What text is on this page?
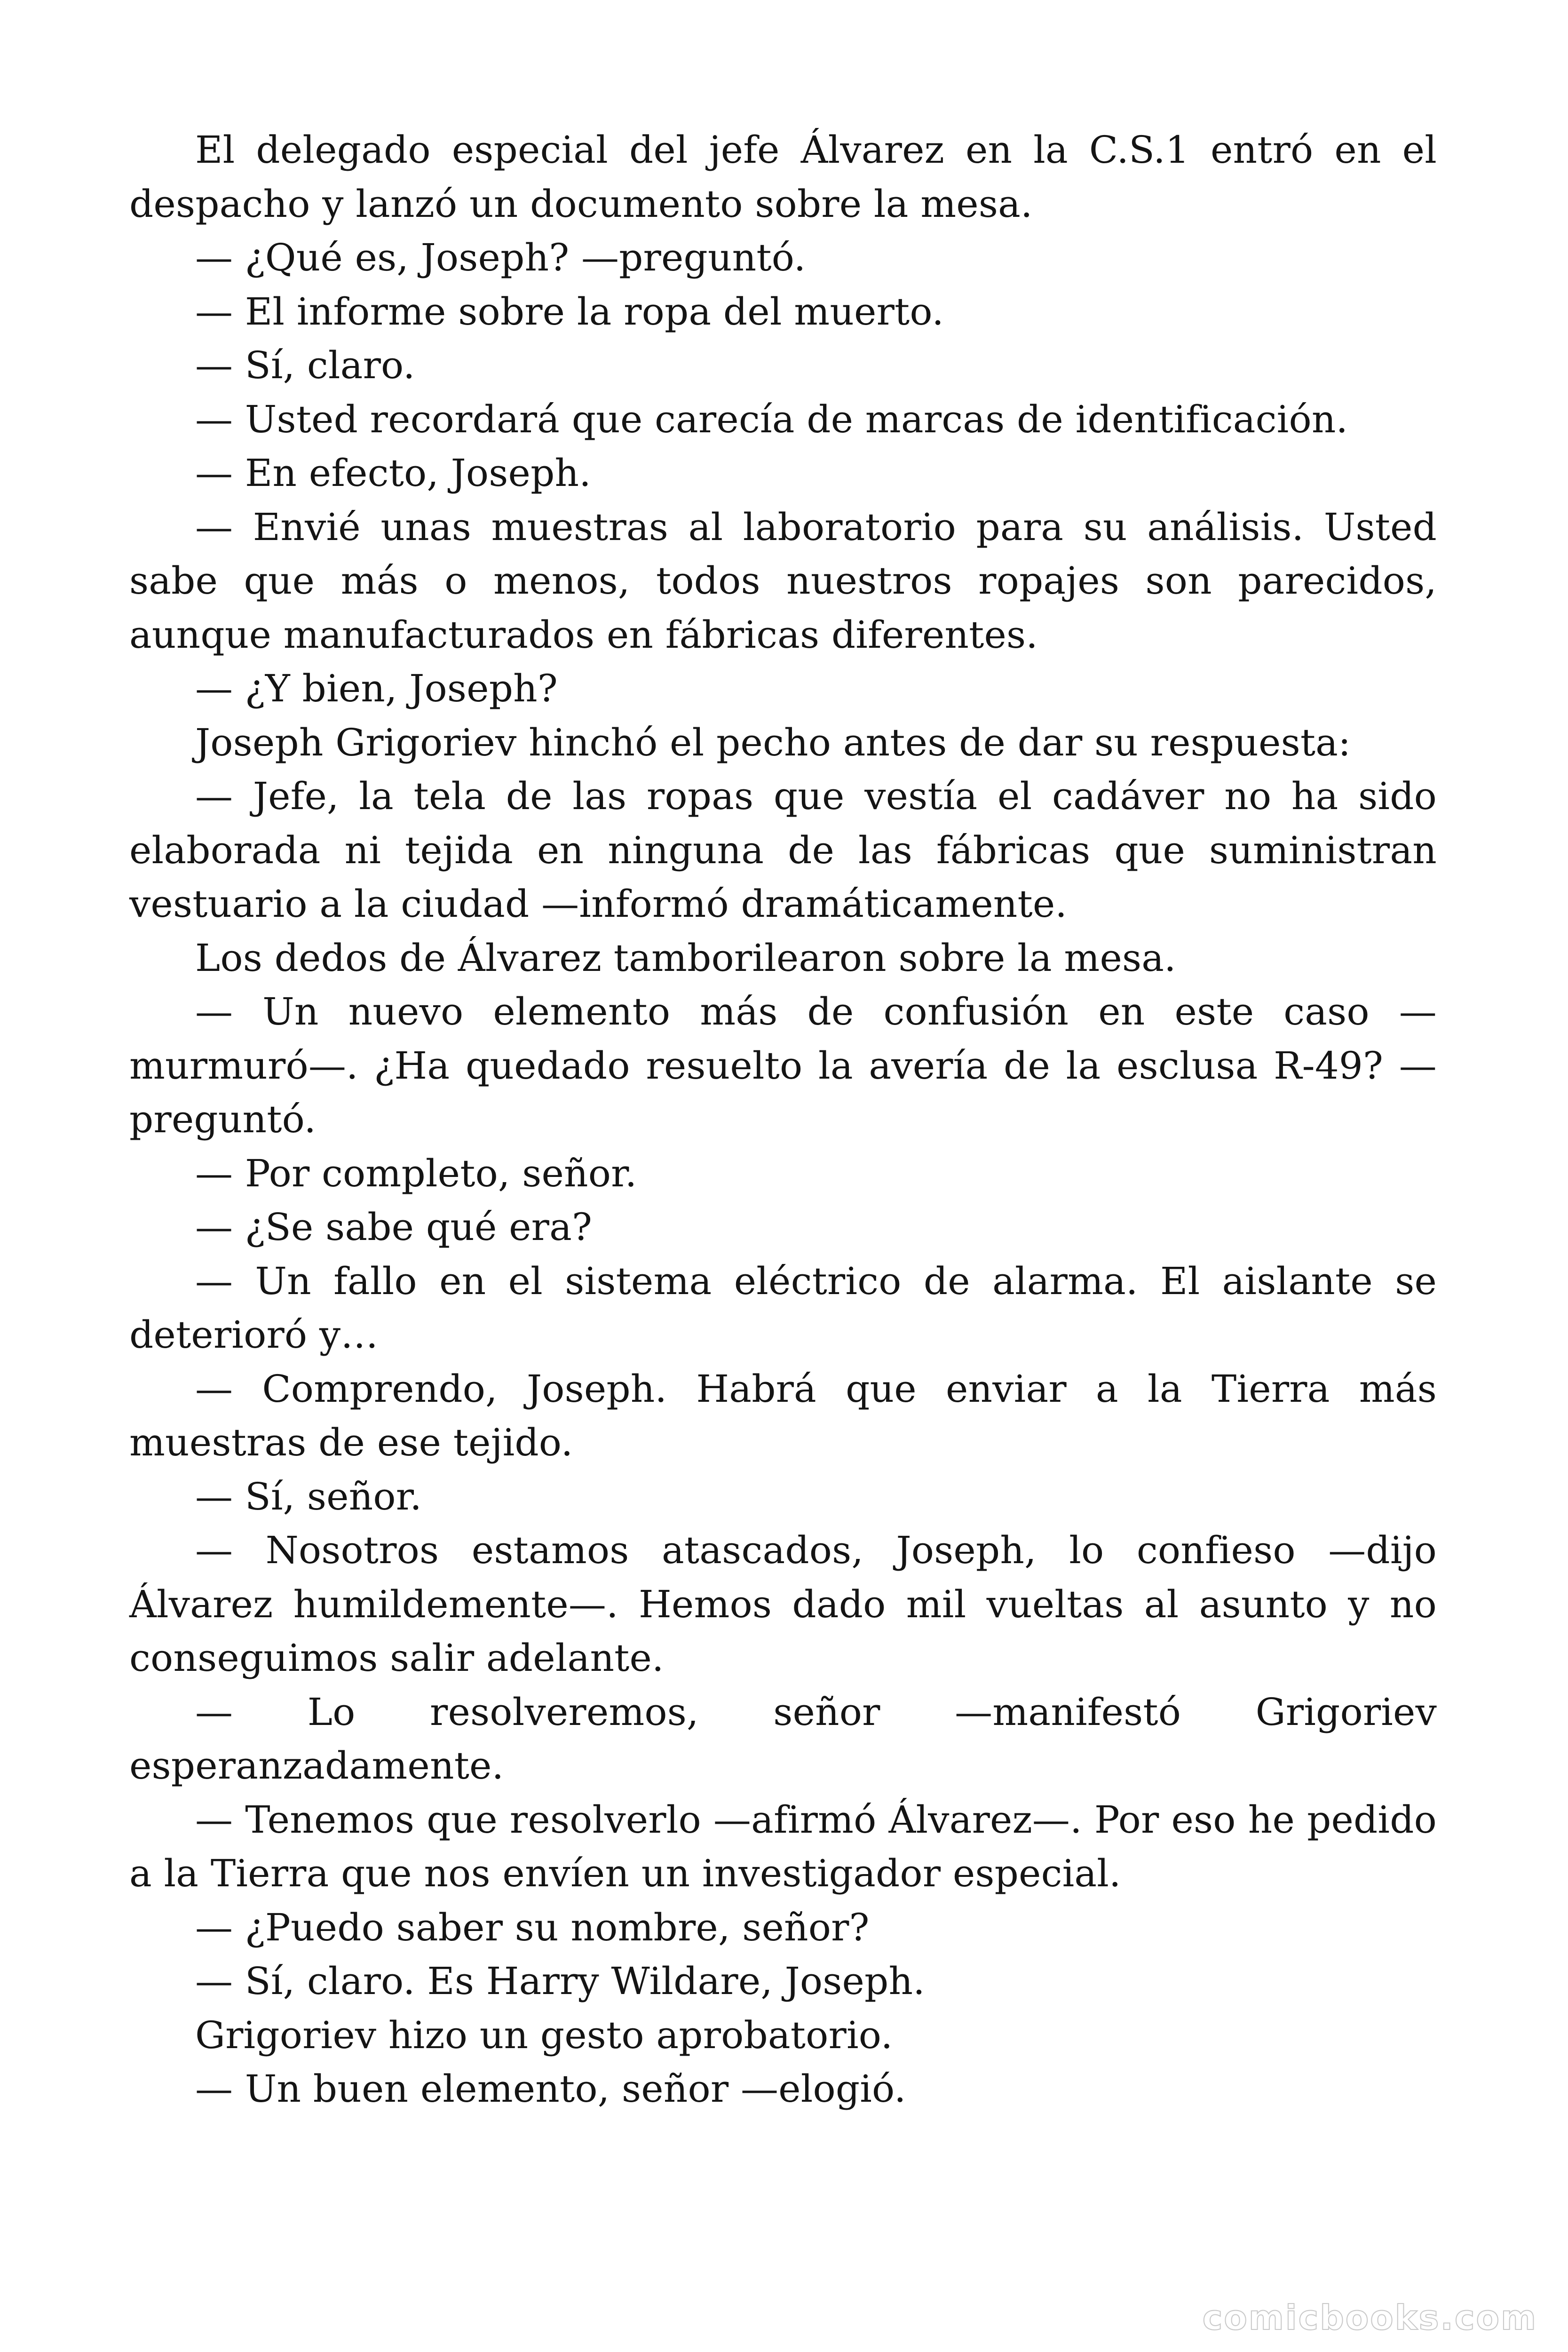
El delegado especial del jefe Álvarez en la C.S.1 entró en el despacho y lanzó un documento sobre la mesa.

— ¿Qué es, Joseph? —preguntó.

— El informe sobre la ropa del muerto.

— Sí, claro.

— Usted recordará que carecía de marcas de identificación.

— En efecto, Joseph.

— Envié unas muestras al laboratorio para su análisis. Usted sabe que más o menos, todos nuestros ropajes son parecidos, aunque manufacturados en fábricas diferentes.

— ¿Y bien, Joseph?

Joseph Grigoriev hinchó el pecho antes de dar su respuesta:

— Jefe, la tela de las ropas que vestía el cadáver no ha sido elaborada ni tejida en ninguna de las fábricas que suministran vestuario a la ciudad —informó dramáticamente.

Los dedos de Álvarez tamborilearon sobre la mesa.

— Un nuevo elemento más de confusión en este caso —murmuró—. ¿Ha quedado resuelto la avería de la esclusa R-49? —preguntó.

— Por completo, señor.

— ¿Se sabe qué era?

— Un fallo en el sistema eléctrico de alarma. El aislante se deterioró y…

— Comprendo, Joseph. Habrá que enviar a la Tierra más muestras de ese tejido.

— Sí, señor.

— Nosotros estamos atascados, Joseph, lo confieso —dijo Álvarez humildemente—. Hemos dado mil vueltas al asunto y no conseguimos salir adelante.

— Lo resolveremos, señor —manifestó Grigoriev esperanzadamente.

— Tenemos que resolverlo —afirmó Álvarez—. Por eso he pedido a la Tierra que nos envíen un investigador especial.

— ¿Puedo saber su nombre, señor?

— Sí, claro. Es Harry Wildare, Joseph.

Grigoriev hizo un gesto aprobatorio.

— Un buen elemento, señor —elogió.

comicbooks.com
